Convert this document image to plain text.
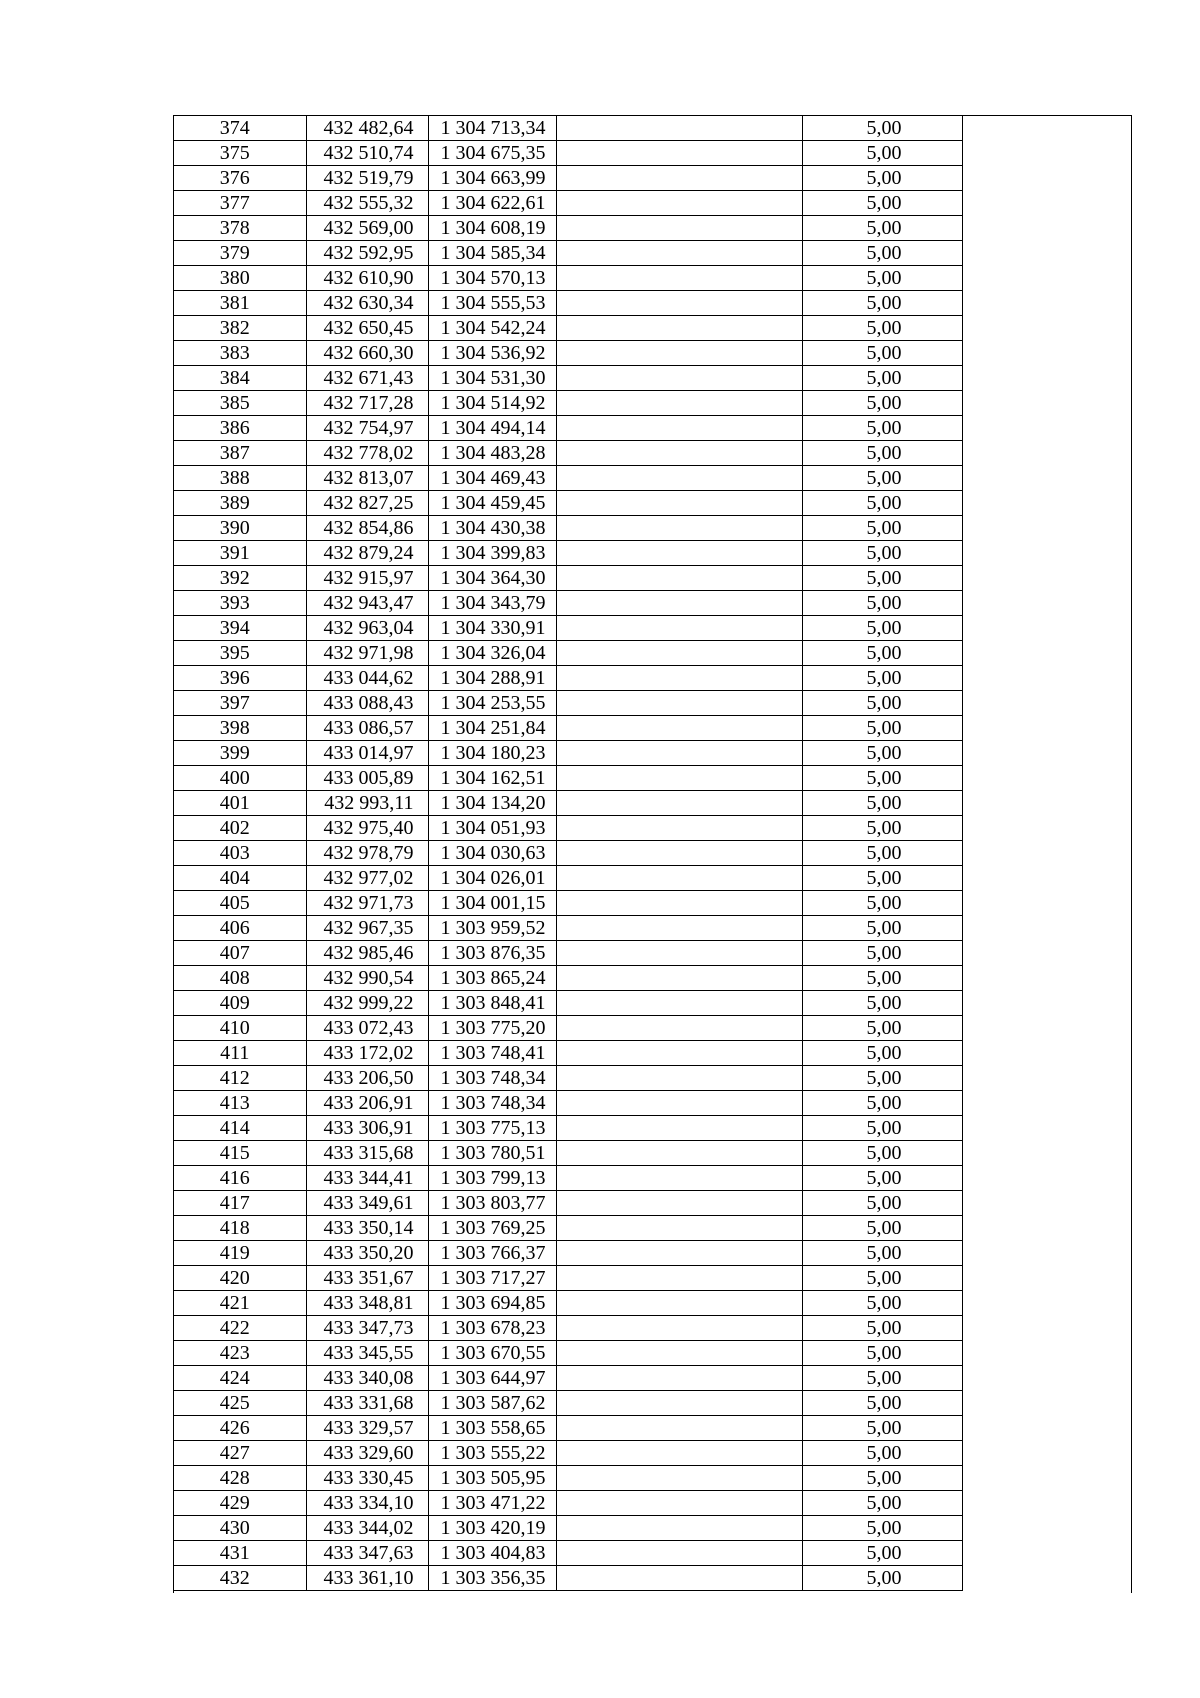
374	432 482,64	1 304 713,34		5,00	
375	432 510,74	1 304 675,35		5,00	
376	432 519,79	1 304 663,99		5,00	
377	432 555,32	1 304 622,61		5,00	
378	432 569,00	1 304 608,19		5,00	
379	432 592,95	1 304 585,34		5,00	
380	432 610,90	1 304 570,13		5,00	
381	432 630,34	1 304 555,53		5,00	
382	432 650,45	1 304 542,24		5,00	
383	432 660,30	1 304 536,92		5,00	
384	432 671,43	1 304 531,30		5,00	
385	432 717,28	1 304 514,92		5,00	
386	432 754,97	1 304 494,14		5,00	
387	432 778,02	1 304 483,28		5,00	
388	432 813,07	1 304 469,43		5,00	
389	432 827,25	1 304 459,45		5,00	
390	432 854,86	1 304 430,38		5,00	
391	432 879,24	1 304 399,83		5,00	
392	432 915,97	1 304 364,30		5,00	
393	432 943,47	1 304 343,79		5,00	
394	432 963,04	1 304 330,91		5,00	
395	432 971,98	1 304 326,04		5,00	
396	433 044,62	1 304 288,91		5,00	
397	433 088,43	1 304 253,55		5,00	
398	433 086,57	1 304 251,84		5,00	
399	433 014,97	1 304 180,23		5,00	
400	433 005,89	1 304 162,51		5,00	
401	432 993,11	1 304 134,20		5,00	
402	432 975,40	1 304 051,93		5,00	
403	432 978,79	1 304 030,63		5,00	
404	432 977,02	1 304 026,01		5,00	
405	432 971,73	1 304 001,15		5,00	
406	432 967,35	1 303 959,52		5,00	
407	432 985,46	1 303 876,35		5,00	
408	432 990,54	1 303 865,24		5,00	
409	432 999,22	1 303 848,41		5,00	
410	433 072,43	1 303 775,20		5,00	
411	433 172,02	1 303 748,41		5,00	
412	433 206,50	1 303 748,34		5,00	
413	433 206,91	1 303 748,34		5,00	
414	433 306,91	1 303 775,13		5,00	
415	433 315,68	1 303 780,51		5,00	
416	433 344,41	1 303 799,13		5,00	
417	433 349,61	1 303 803,77		5,00	
418	433 350,14	1 303 769,25		5,00	
419	433 350,20	1 303 766,37		5,00	
420	433 351,67	1 303 717,27		5,00	
421	433 348,81	1 303 694,85		5,00	
422	433 347,73	1 303 678,23		5,00	
423	433 345,55	1 303 670,55		5,00	
424	433 340,08	1 303 644,97		5,00	
425	433 331,68	1 303 587,62		5,00	
426	433 329,57	1 303 558,65		5,00	
427	433 329,60	1 303 555,22		5,00	
428	433 330,45	1 303 505,95		5,00	
429	433 334,10	1 303 471,22		5,00	
430	433 344,02	1 303 420,19		5,00	
431	433 347,63	1 303 404,83		5,00	
432	433 361,10	1 303 356,35		5,00	
